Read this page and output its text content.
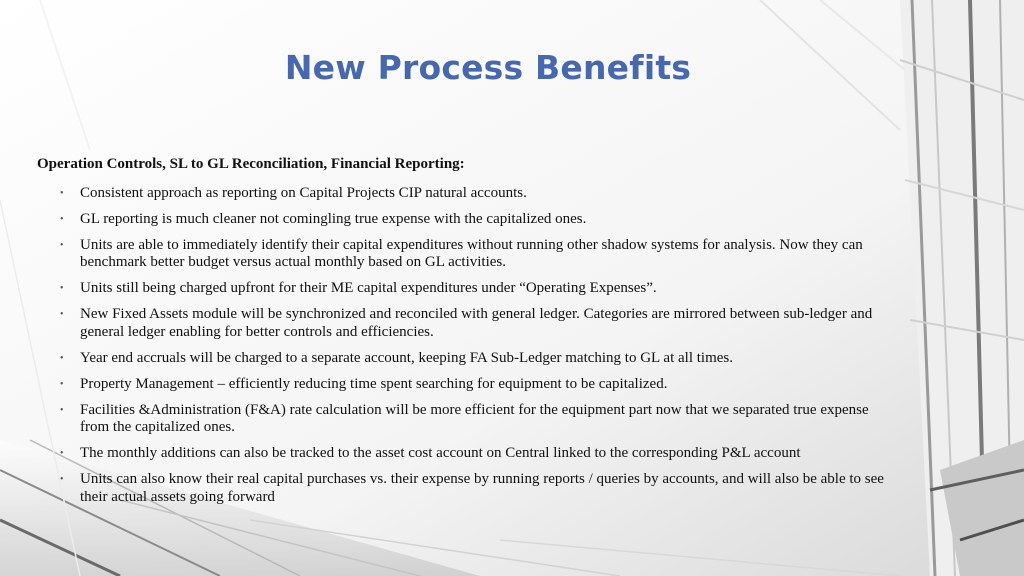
New Process Benefits
Operation Controls, SL to GL Reconciliation, Financial Reporting:
• Consistent approach as reporting on Capital Projects CIP natural accounts.
• GL reporting is much cleaner not comingling true expense with the capitalized ones.
• Units are able to immediately identify their capital expenditures without running other shadow systems for analysis. Now they can benchmark better budget versus actual monthly based on GL activities.
• Units still being charged upfront for their ME capital expenditures under “Operating Expenses”.
• New Fixed Assets module will be synchronized and reconciled with general ledger. Categories are mirrored between sub-ledger and general ledger enabling for better controls and efficiencies.
• Year end accruals will be charged to a separate account, keeping FA Sub-Ledger matching to GL at all times.
• Property Management – efficiently reducing time spent searching for equipment to be capitalized.
• Facilities &Administration (F&A) rate calculation will be more efficient for the equipment part now that we separated true expense from the capitalized ones.
• The monthly additions can also be tracked to the asset cost account on Central linked to the corresponding P&L account
• Units can also know their real capital purchases vs. their expense by running reports / queries by accounts, and will also be able to see their actual assets going forward
